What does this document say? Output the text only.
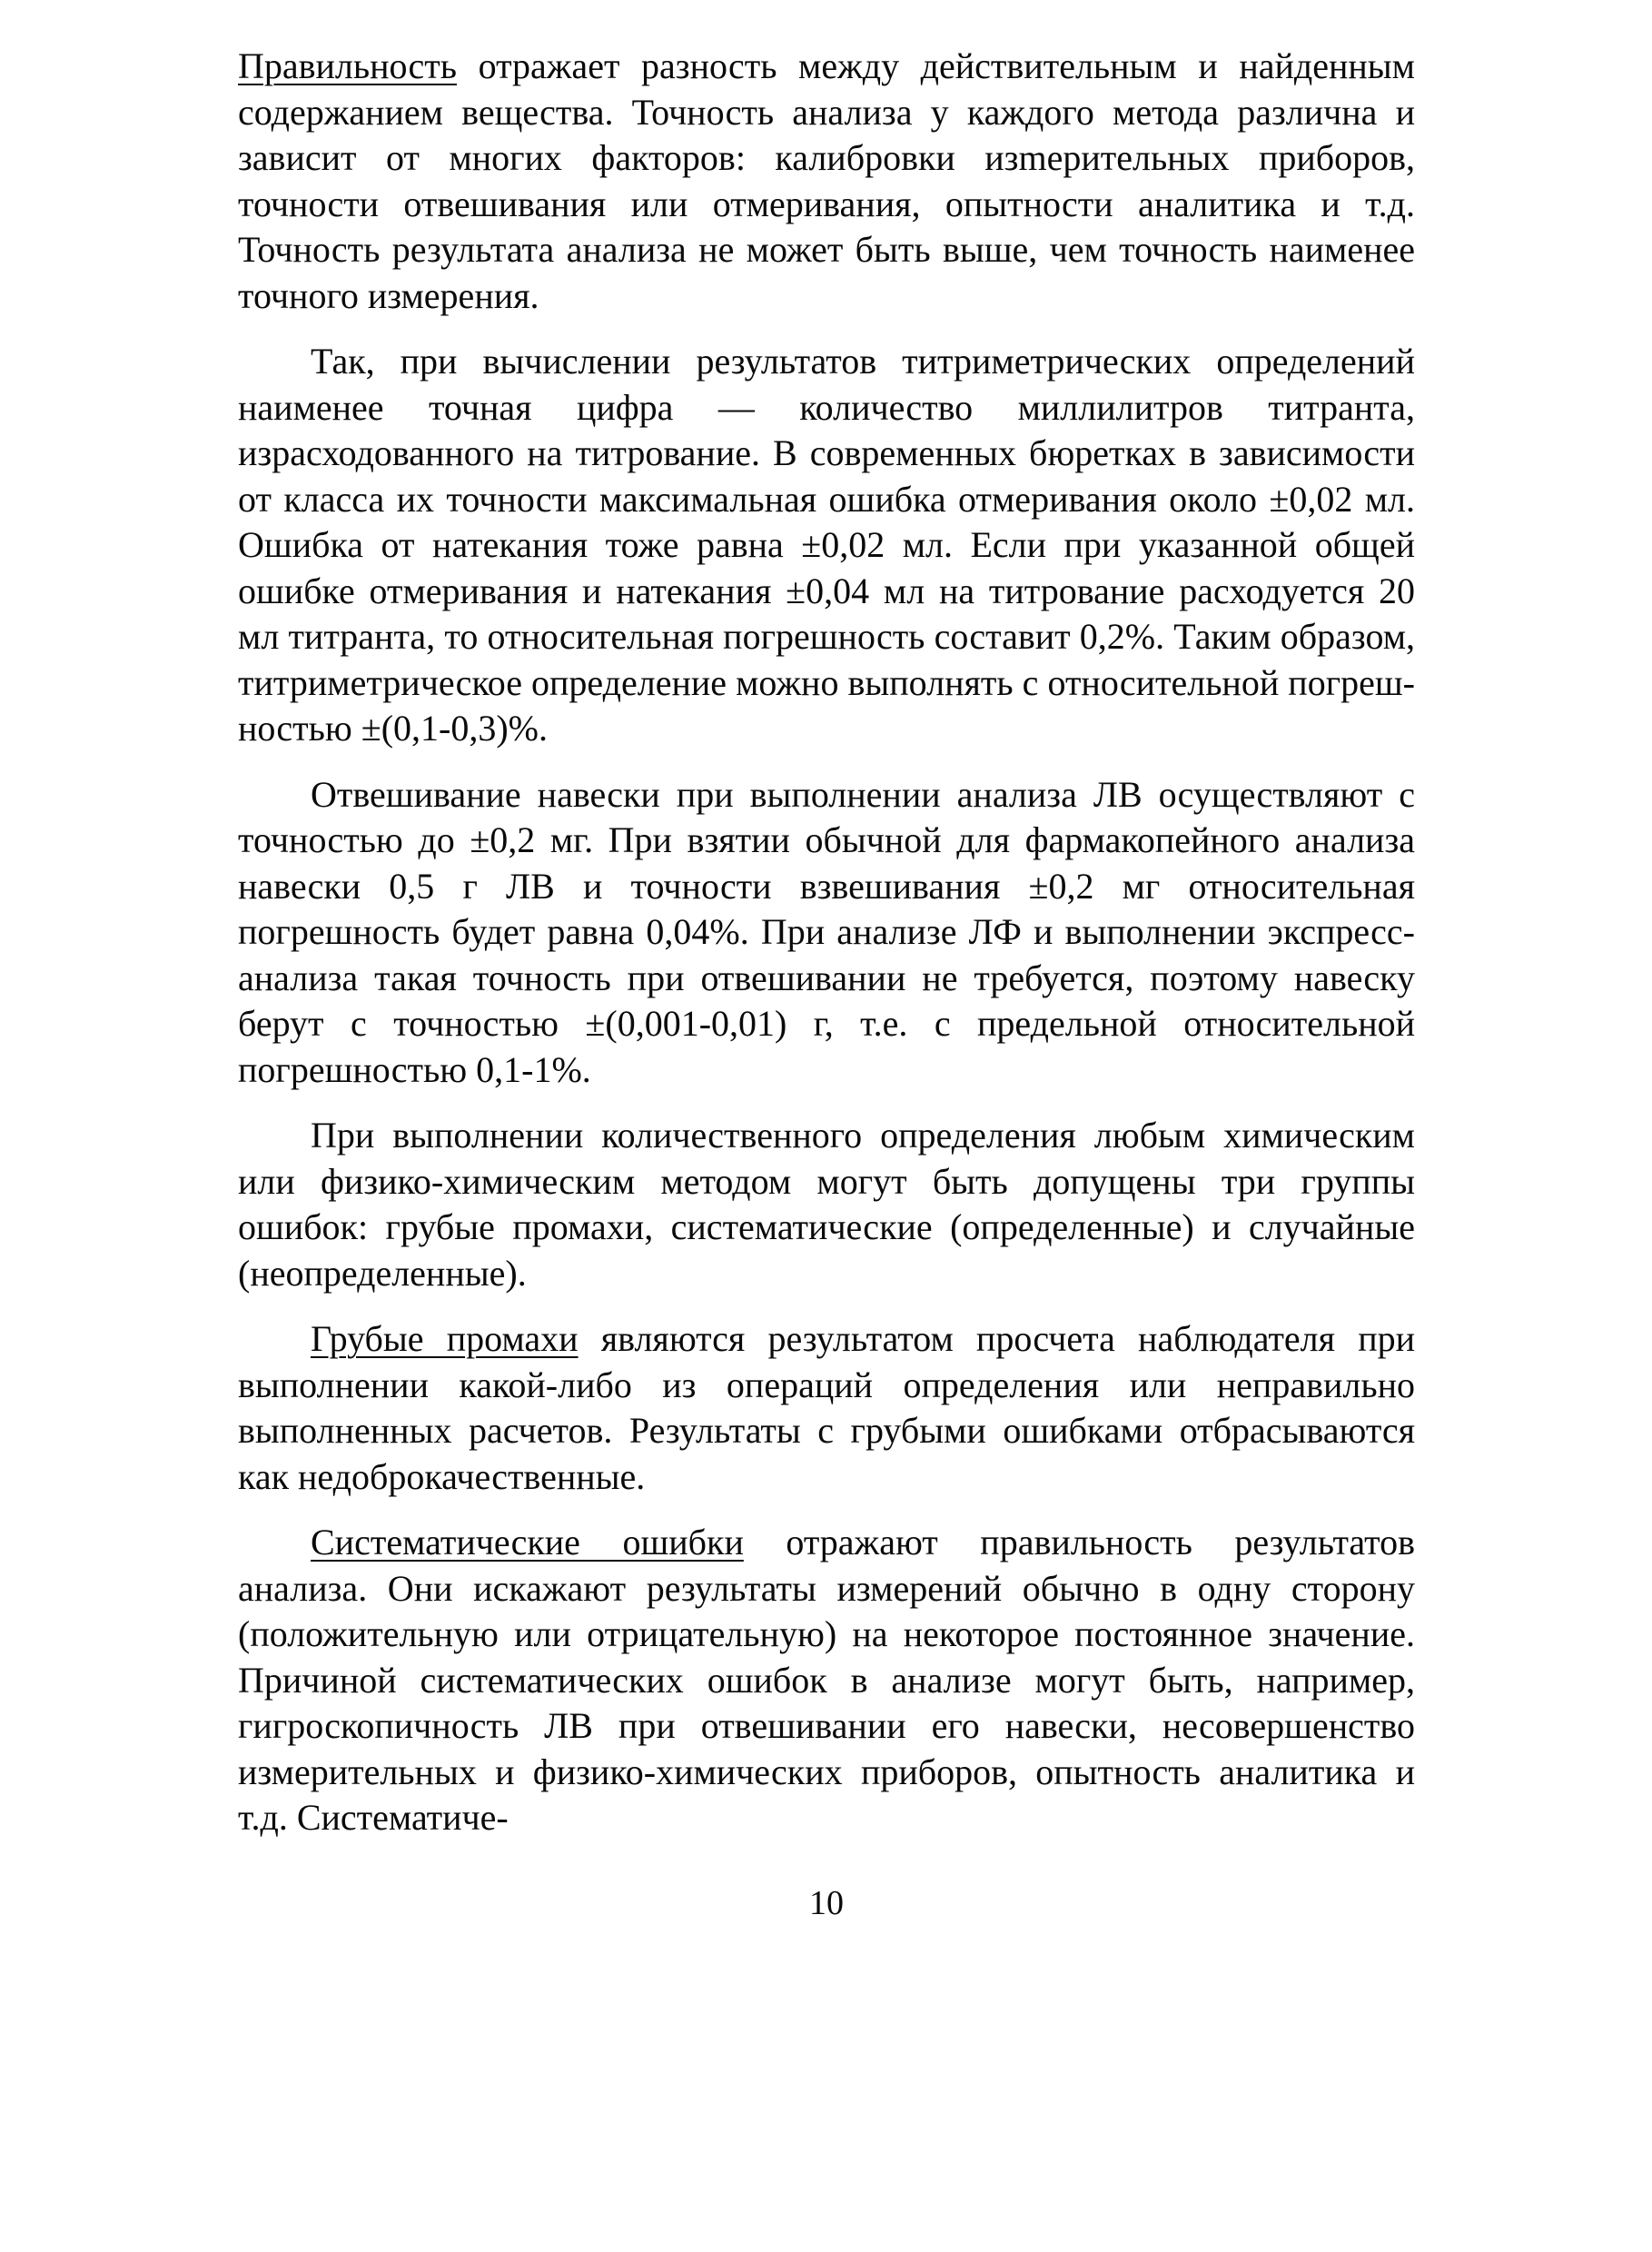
Правильность отражает разность между действительным и найденным содержанием вещества. Точность анализа у каждого метода различна и зависит от многих факторов: калибровки изmерительных приборов, точности отвешивания или отмеривания, опытности аналитика и т.д. Точность результата анализа не может быть выше, чем точность наименее точного измерения.

Так, при вычислении результатов титриметрических определений наименее точная цифра — количество миллилитров титранта, израсходованного на титрование. В современных бюретках в зависимости от класса их точности максимальная ошибка отмеривания около ±0,02 мл. Ошибка от натекания тоже равна ±0,02 мл. Если при указанной общей ошибке отмеривания и натекания ±0,04 мл на титрование расходуется 20 мл титранта, то относительная погрешность составит 0,2%. Таким образом, титриметрическое определение можно выполнять с относительной погрешностью ±(0,1-0,3)%.

Отвешивание навески при выполнении анализа ЛВ осуществляют с точностью до ±0,2 мг. При взятии обычной для фармакопейного анализа навески 0,5 г ЛВ и точности взвешивания ±0,2 мг относительная погрешность будет равна 0,04%. При анализе ЛФ и выполнении экспресс-анализа такая точность при отвешивании не требуется, поэтому навеску берут с точностью ±(0,001-0,01) г, т.е. с предельной относительной погрешностью 0,1-1%.

При выполнении количественного определения любым химическим или физико-химическим методом могут быть допущены три группы ошибок: грубые промахи, систематические (определенные) и случайные (неопределенные).

Грубые промахи являются результатом просчета наблюдателя при выполнении какой-либо из операций определения или неправильно выполненных расчетов. Результаты с грубыми ошибками отбрасываются как недоброкачественные.

Систематические ошибки отражают правильность результатов анализа. Они искажают результаты измерений обычно в одну сторону (положительную или отрицательную) на некоторое постоянное значение. Причиной систематических ошибок в анализе могут быть, например, гигроскопичность ЛВ при отвешивании его навески, несовершенство измерительных и физико-химических приборов, опытность аналитика и т.д. Систематиче-

10
